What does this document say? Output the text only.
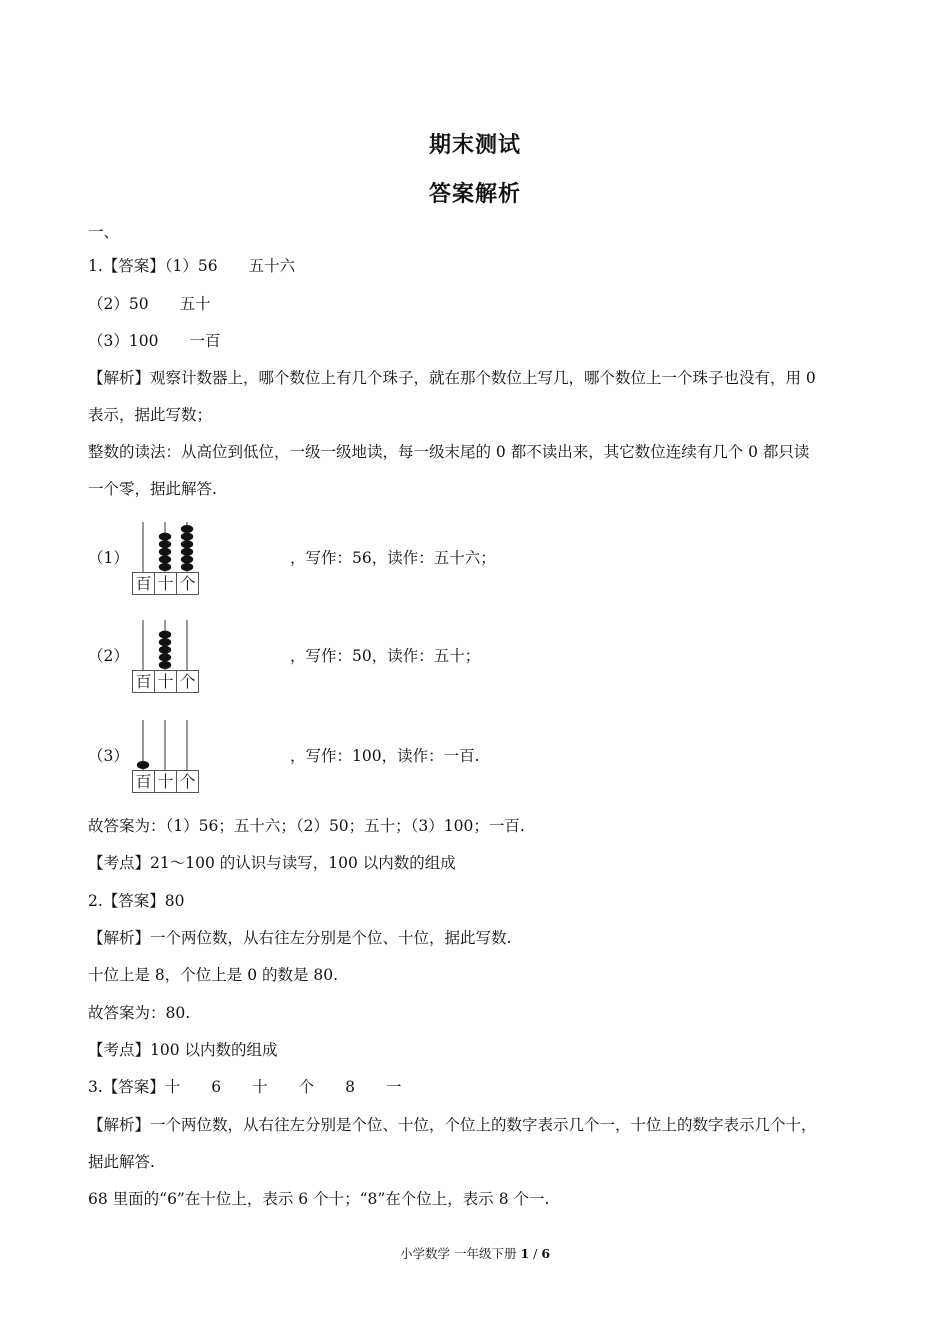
期末测试
答案解析
一、
1.【答案】（1）56　　五十六
（2）50　　五十
（3）100　　一百
【解析】观察计数器上，哪个数位上有几个珠子，就在那个数位上写几，哪个数位上一个珠子也没有，用 0
表示，据此写数；
整数的读法：从高位到低位，一级一级地读，每一级末尾的 0 都不读出来，其它数位连续有几个 0 都只读
一个零，据此解答.
（1）
百 十 个
，写作：56，读作：五十六；
（2）
百 十 个
，写作：50，读作：五十；
（3）
百 十 个
，写作：100，读作：一百.
故答案为：（1）56；五十六；（2）50；五十；（3）100；一百.
【考点】21～100 的认识与读写，100 以内数的组成
2.【答案】80
【解析】一个两位数，从右往左分别是个位、十位，据此写数.
十位上是 8，个位上是 0 的数是 80.
故答案为：80.
【考点】100 以内数的组成
3.【答案】十　　6　　十　　个　　8　　一
【解析】一个两位数，从右往左分别是个位、十位，个位上的数字表示几个一，十位上的数字表示几个十，
据此解答.
68 里面的“6”在十位上，表示 6 个十；“8”在个位上，表示 8 个一.
小学数学 一年级下册 1 / 6
